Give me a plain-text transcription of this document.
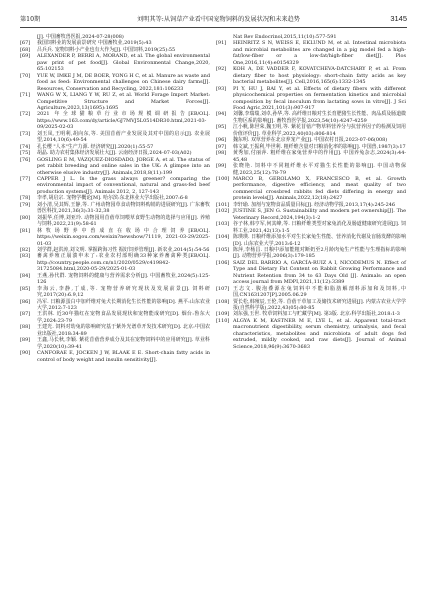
第10期	刘明其等:从饲草产业看中国宠物饲料的发展状况和未来趋势	3145
[J]. 中国畜牧兽医报,2024-07-28(008)
[67] 我国饲料业的发展前景研究 中国畜牧业,2019(5):43
[68] 吕兵兵. 宠物饲料小产业也有大作为[J]. 中国饲料,2019(25):55
[69] ALEXANDER P, BERRI A, MORAND, et al. The global environmental paw print of pet food[J]. Global Environmental Change,2020, 65:102153
[70] YUE W, IMKE J M, DE BOER, YONG H C, et al. Manure as waste and food as feed: Environmental challenges on Chinese dairy farms[J]. Resources, Conservation and Recycling, 2022,181:106233
[71] WANG W X, LIANG Y W, RU Z, et al. World Forage Import Market: Competitive Structure and Market Forces[J]. Agriculture,2023,13(1695):1695
[72] 2021 年全球猫粮草行业市场规模调研报告[EB/OL]. https://www.163.com/dy/article/GJ7MVJ5L0514DR30.html,2021-03-09/2025-02-03
[73] 刘玉凤,王明利,胡向东,等. 美国苜蓿产业发展及其对中国的启示[J]. 农业展望,2014,10(6):49-54
[74] 孔长缨 "人本"生产力源. 经济研究[J].2020(1):55-57
[75] 胡晶. 助力农村集体经济发展壮大[J]. 云南经济日报,2024-07-03(A02)
[76] GOSLING E M, VÁZQUEZ-DIOSDADO, JORGE A, et al. The status of pet rabbit breeding and online sales in the UK: A glimpse into an otherwise elusive industry[J]. Animals,2018,8(11):199
[77] CAPPER J L. Is the grass always greener? comparing the environmental impact of conventional, natural and grass-fed beef production systems[J]. Animals 2012, 2, 127-143
[78] 李孝,胡启宗. 宠物学概论[M]. 哈尔滨:东北林业大学出版社,2007:6-8
[79] 刘小清,吴其辉,王静,等. 广州动物园草食动物饲料购销的进展研究[J]. 广东畜牧兽医科技,2021,36(3):31-32,38
[80] 刘振华,任博,刘亚玲. 动物园用苜蓿草饲喂草食野生动物的选择与应用[J]. 养殖与饲料,2022,21(9):58-61
[81] 林牧场野养中兽成直在收场中合理饲养[EB/OL]. https://weixin.sogou.com/weixin?newshow/71119, 2021-03-29/2025-01-03
[82] 刘学群,赵洪涛,刘文明. 掌握跨海习性 掘好饲养管理[J]. 新农业,2014(5):54-56
[83] 畜禽养殖正崩溃申未了:农业农村部明确33种家养畜禽种类[EB/OL]. http://country.people.com.cn/n1/2020/0529/c419842-31725084.html,2020-05-29/2025-01-03
[84] 王燕,孙代群. 宠物饲料的健康与营养需求分析[J]. 中国畜牧业,2024(5):125-126
[85] 李海云,李静,丁成,等. 宠物营养研究现状及发展前景[J]. 饲料研究,2017(20):6.9,12
[86] 冯军. 日粮源蛋白中加纤维对兔犬长期消化生长性能的影响[D]. 燕平:山东农业大学,2012:7-123
[87] 王洪林. 近30年猫红在宠物食品发展现状和宠物能成研究[D]. 烟台:鲁东大学,2024:23-79
[88] 王建光. 饲料对幼兔的影响研究基于紫外光谱草开发技术研究[D]. 北京:中国农业出版社,2018:34-89
[89] 王鑫,马长秋,李颖. 紫花苜蓿营养成分及其在宠物饲料中的应用研究[J]. 草业科学,2020(10):39-41
[90] CANFORAE E, JOCKEN J W, BLAAK E E. Short-chain fatty acids in control of body weight and insulin sensitivity[J].
Nat Rev Endocrinol,2015,11(10):577-591
[91] HEINRITZ S N, WEISS E, EKLUND M, et al. Intestinal microbiota and microbial metabolites are changed in a pig model fed a high-fat/low-fiber or a low-fat/high-fiber diet[J]. Plos One,2016,11(4):e0154329
[92] KOH A, DE VADDER F, KOVATCHEVA-DATCHARY P, et al. From dietary fiber to host physiology: short-chain fatty acids as key bacterial metabolites[J]. Cell,2016,165(6):1332-1345
[93] PI Y, HU J, BAI Y, et al. Effects of dietary fibers with different physicochemical properties on fermentation kinetics and microbial composition by fecal inoculum from lactating sows in vitro[J]. J Sci Food Agric,2021,101(3):907-917
[94] 刘馨,李瑞瑞,刘卓,孙华,等. 高纤维日粮对生长育肥猪生长性能、肉品质及肠道微生物区系的影响[J]. 畜牧兽医学报,2023,54(10):4247-4259
[95] 江小帆,陈世荣,魏玉明,等. 紫花苜蓿产物草料营养分与抗营养因子的检测及饲用价值评价[J]. 草业科学,2022,40(03):806-814
[96] 魏东明. 双草营养在北京养宠产业[J]. 中国农村日报,2023-07-06(008)
[97] 韩文斌,王振利,毕世利. 粗纤维含量对日粮消化率的影响[J]. 中国兽,1987(3):17
[98] 黄秀加,付丽萍. 粗纤维在家兔营养中的作用[J]. 中国养兔杂志,2024(3):44-45,48
[99] 张晓艳. 饲料中不同粗纤维水平对猫生长性能的影响[J]. 中国动物保健,2023,25(12):78-79
[100] MARCO B, GEROLAMO X, FRANCESCO B, et al. Growth performance, digestive efficiency, and meat quality of two commercial crossbred rabbits fed diets differing in energy and protein levels[J]. Animals,2022,12(18):2427
[101] 李轩瑜. 加剂与宠物食品质量目标[J]. 经济动物学报,2013,17(4):245-246
[102] JUSTINE S, JEN G. Sustainability and modern pet ownership[J]. The Veterinary Record,2024,194(3):1-2
[103] 谷子林,韩亨军,何其峰,等. 日粮纤维类型对家兔消化及肠道健康研究进展[J]. 饲料工业,2021,42(13):1-5
[104] 陈瑛瑛. 日粮纤维添加水平对生长家兔生性能、营养消化代谢及盲肠发酵的影响[D]. 山东农业大学,2013:6-12
[105] 陈萍,李杨昌. 日粮中添加能粗对断奶至2月龄肉兔生产性能与生理指标的影响[J]. 动物营养学报,2006(3):179-185
[106] SAIZ DEL BARRIO A, GARCÍA-RUIZ A I, NICODEMUS N. Effect of Type and Dietary Fat Content on Rabbit Growing Performance and Nutrient Retention from 34 to 63 Days Old [J]. Animals: an open access journal from MDPI,2021,11(12):3389
[107] 王志文. 腹泡叠源在兔饲料中不能和脂肪解剖料添加和及饲料,中国,CN1631207[P].2005.06.29
[108] 贾长松,韩殖辰,王伦,等. 苜蓿干草加工及储技术研究进展[J]. 内蒙古农业大学学报(自然科学版),2022,43(05):80-85
[109] 刘东强,玉世. 牧草饲料加工与贮藏学[M]. 第3版. 北京:科学出版社,2018:1-3
[110] ALGYA K M, KASTNER M E, LYE L, et al. Apparent total-tract macronutrient digestibility, serum chemistry, urinalysis, and fecal characteristics, metabolites and microbiota of adult dogs fed extruded, mildly cooked, and raw diets[J]. Journal of Animal Science,2018,96(9):3670-3683
